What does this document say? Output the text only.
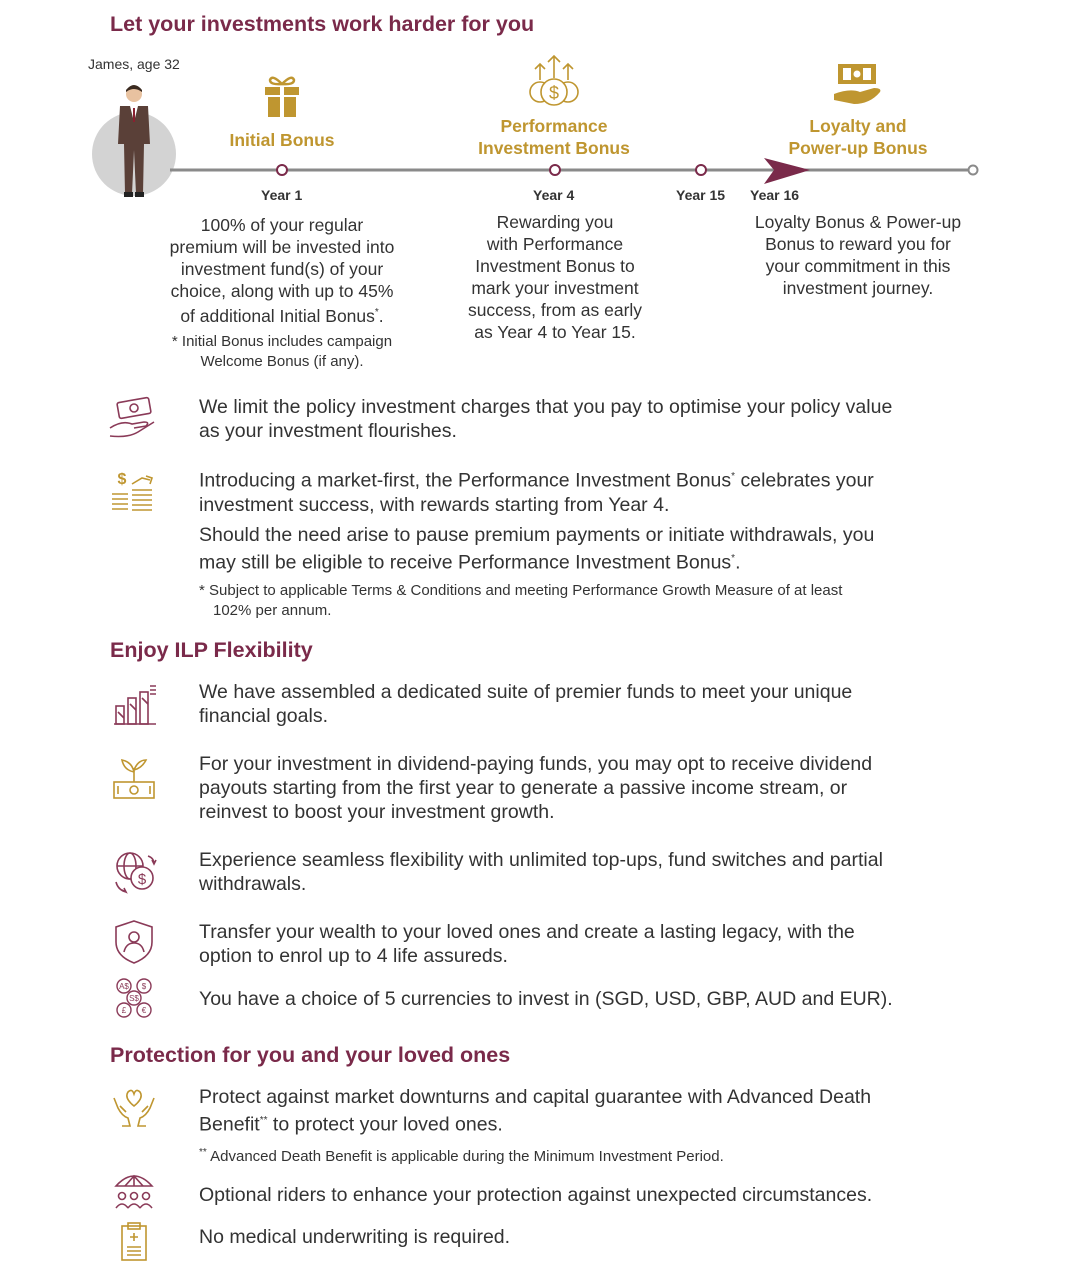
Let your investments work harder for you
James, age 32
$
Initial Bonus
Performance
Investment Bonus
Loyalty and
Power-up Bonus
Year 1	Year 4	Year 15 Year 16
100% of your regular
premium will be invested into
investment fund(s) of your
choice, along with up to 45%
of additional Initial Bonus*.
* Initial Bonus includes campaign
Welcome Bonus (if any).
Rewarding you
with Performance
Investment Bonus to
mark your investment
success, from as early
as Year 4 to Year 15.
Loyalty Bonus & Power-up
Bonus to reward you for
your commitment in this
investment journey.
We limit the policy investment charges that you pay to optimise your policy value
as your investment flourishes.
$	Introducing a market-first, the Performance Investment Bonus* celebrates your
investment success, with rewards starting from Year 4.
Should the need arise to pause premium payments or initiate withdrawals, you
may still be eligible to receive Performance Investment Bonus*.
* Subject to applicable Terms & Conditions and meeting Performance Growth Measure of at least
102% per annum.
Enjoy ILP Flexibility
We have assembled a dedicated suite of premier funds to meet your unique
financial goals.
For your investment in dividend-paying funds, you may opt to receive dividend
payouts starting from the first year to generate a passive income stream, or
reinvest to boost your investment growth.
$
Experience seamless flexibility with unlimited top-ups, fund switches and partial
withdrawals.
Transfer your wealth to your loved ones and create a lasting legacy, with the
option to enrol up to 4 life assureds.
A$ $
S$
£ €
You have a choice of 5 currencies to invest in (SGD, USD, GBP, AUD and EUR).
Protection for you and your loved ones
Protect against market downturns and capital guarantee with Advanced Death
Benefit** to protect your loved ones.
** Advanced Death Benefit is applicable during the Minimum Investment Period.
Optional riders to enhance your protection against unexpected circumstances.
No medical underwriting is required.
